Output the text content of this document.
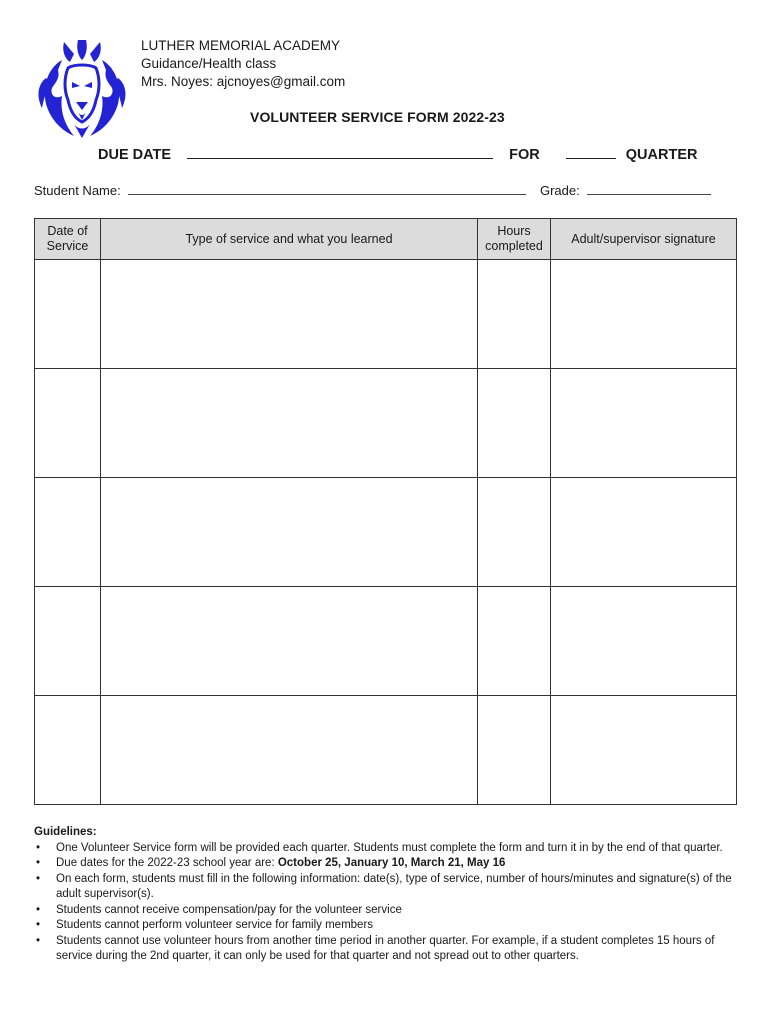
LUTHER MEMORIAL ACADEMY
Guidance/Health class
Mrs. Noyes: ajcnoyes@gmail.com
VOLUNTEER SERVICE FORM 2022-23
DUE DATE	FOR	QUARTER
Student Name:	Grade:
Date of Service	Type of service and what you learned	Hours completed	Adult/supervisor signature

Guidelines:

• One Volunteer Service form will be provided each quarter. Students must complete the form and turn it in by the end of that quarter.
• Due dates for the 2022-23 school year are: October 25, January 10, March 21, May 16
• On each form, students must fill in the following information: date(s), type of service, number of hours/minutes and signature(s) of the adult supervisor(s).
• Students cannot receive compensation/pay for the volunteer service
• Students cannot perform volunteer service for family members
• Students cannot use volunteer hours from another time period in another quarter. For example, if a student completes 15 hours of service during the 2nd quarter, it can only be used for that quarter and not spread out to other quarters.
